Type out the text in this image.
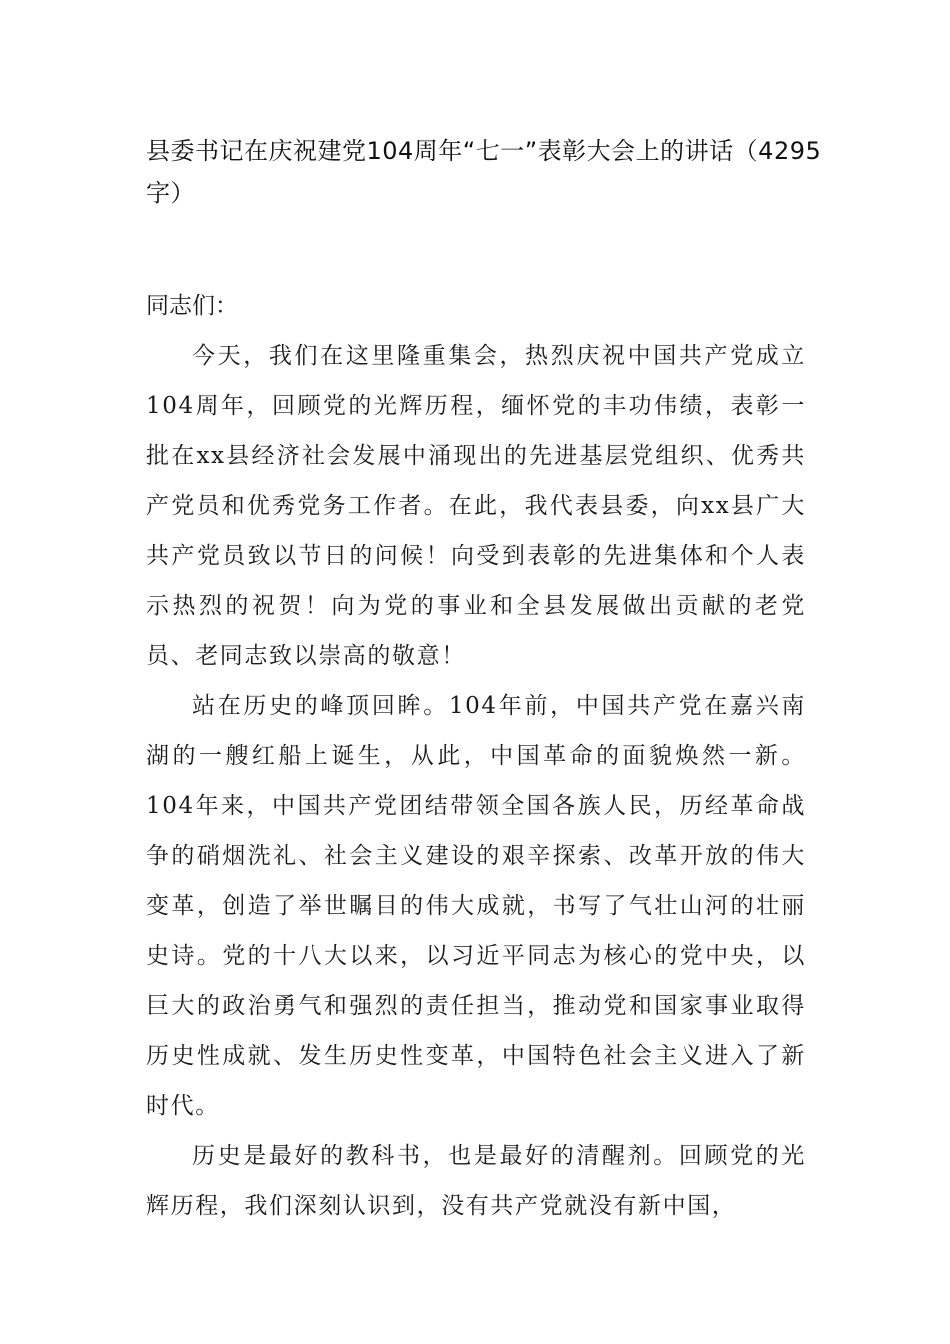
县委书记在庆祝建党104周年“七一”表彰大会上的讲话（4295字）

同志们：

今天，我们在这里隆重集会，热烈庆祝中国共产党成立104周年，回顾党的光辉历程，缅怀党的丰功伟绩，表彰一批在xx县经济社会发展中涌现出的先进基层党组织、优秀共产党员和优秀党务工作者。在此，我代表县委，向xx县广大共产党员致以节日的问候！向受到表彰的先进集体和个人表示热烈的祝贺！向为党的事业和全县发展做出贡献的老党员、老同志致以崇高的敬意！

站在历史的峰顶回眸。104年前，中国共产党在嘉兴南湖的一艘红船上诞生，从此，中国革命的面貌焕然一新。104年来，中国共产党团结带领全国各族人民，历经革命战争的硝烟洗礼、社会主义建设的艰辛探索、改革开放的伟大变革，创造了举世瞩目的伟大成就，书写了气壮山河的壮丽史诗。党的十八大以来，以习近平同志为核心的党中央，以巨大的政治勇气和强烈的责任担当，推动党和国家事业取得历史性成就、发生历史性变革，中国特色社会主义进入了新时代。

历史是最好的教科书，也是最好的清醒剂。回顾党的光辉历程，我们深刻认识到，没有共产党就没有新中国，
